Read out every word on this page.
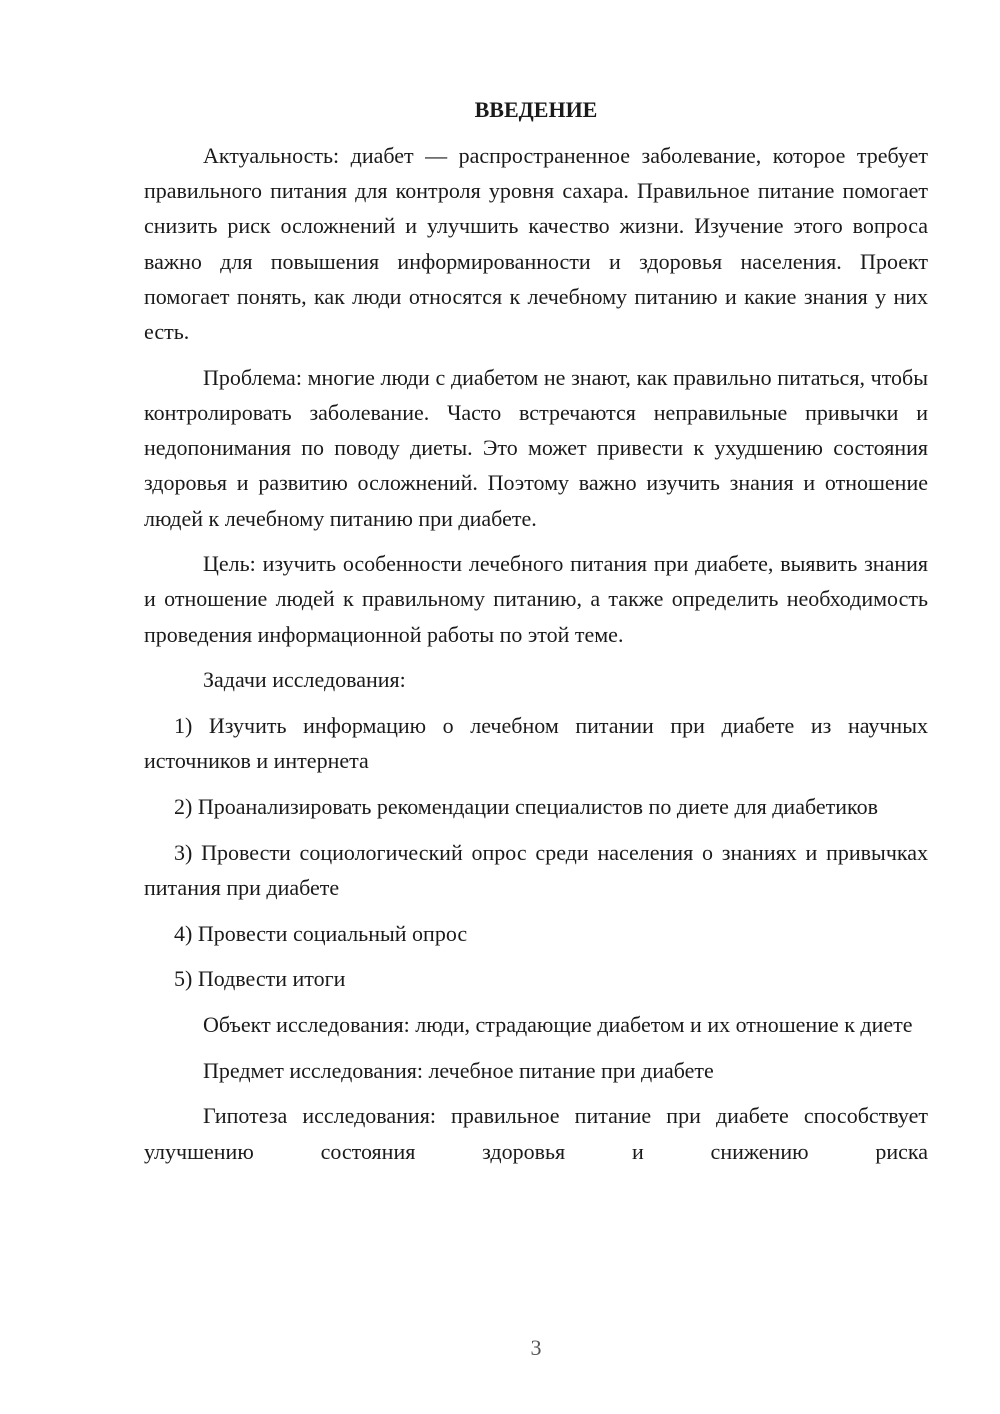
ВВЕДЕНИЕ

Актуальность: диабет — распространенное заболевание, которое требует правильного питания для контроля уровня сахара. Правильное питание помогает снизить риск осложнений и улучшить качество жизни. Изучение этого вопроса важно для повышения информированности и здоровья населения. Проект помогает понять, как люди относятся к лечебному питанию и какие знания у них есть.

Проблема: многие люди с диабетом не знают, как правильно питаться, чтобы контролировать заболевание. Часто встречаются неправильные привычки и недопонимания по поводу диеты. Это может привести к ухудшению состояния здоровья и развитию осложнений. Поэтому важно изучить знания и отношение людей к лечебному питанию при диабете.

Цель: изучить особенности лечебного питания при диабете, выявить знания и отношение людей к правильному питанию, а также определить необходимость проведения информационной работы по этой теме.

Задачи исследования:

1) Изучить информацию о лечебном питании при диабете из научных источников и интернета

2) Проанализировать рекомендации специалистов по диете для диабетиков

3) Провести социологический опрос среди населения о знаниях и привычках питания при диабете

4) Провести социальный опрос

5) Подвести итоги

Объект исследования: люди, страдающие диабетом и их отношение к диете

Предмет исследования: лечебное питание при диабете

Гипотеза исследования: правильное питание при диабете способствует улучшению состояния здоровья и снижению риска

3
